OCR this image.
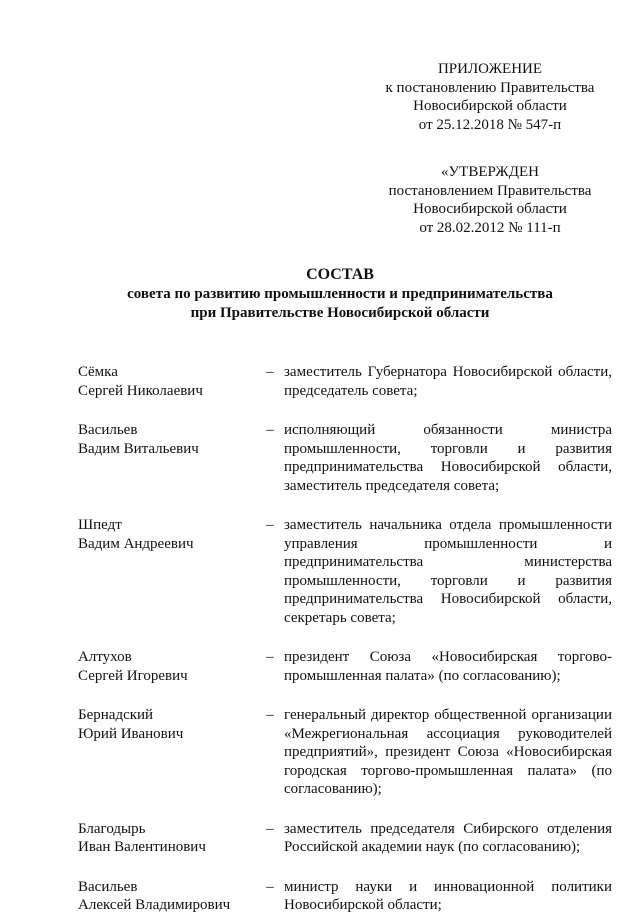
ПРИЛОЖЕНИЕ
к постановлению Правительства
Новосибирской области
от 25.12.2018 № 547-п
«УТВЕРЖДЕН
постановлением Правительства
Новосибирской области
от 28.02.2012 № 111-п
СОСТАВ
совета по развитию промышленности и предпринимательства
при Правительстве Новосибирской области
Сёмка
Сергей Николаевич
– заместитель Губернатора Новосибирской области, председатель совета;
Васильев
Вадим Витальевич
– исполняющий обязанности министра промышленности, торговли и развития предпринимательства Новосибирской области, заместитель председателя совета;
Шпедт
Вадим Андреевич
– заместитель начальника отдела промышленности управления промышленности и предпринимательства министерства промышленности, торговли и развития предпринимательства Новосибирской области, секретарь совета;
Алтухов
Сергей Игоревич
– президент Союза «Новосибирская торгово-промышленная палата» (по согласованию);
Бернадский
Юрий Иванович
– генеральный директор общественной организации «Межрегиональная ассоциация руководителей предприятий», президент Союза «Новосибирская городская торгово-промышленная палата» (по согласованию);
Благодырь
Иван Валентинович
– заместитель председателя Сибирского отделения Российской академии наук (по согласованию);
Васильев
Алексей Владимирович
– министр науки и инновационной политики Новосибирской области;
